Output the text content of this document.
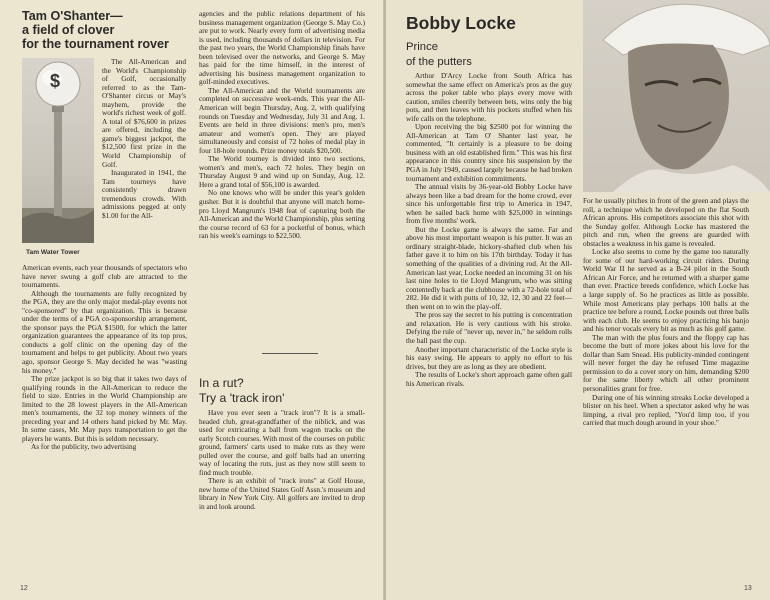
Tam O'Shanter—
a field of clover
for the tournament rover
$
Tam Water Tower

The All-American and the World's Championship of Golf, occasionally referred to as the Tam-O'Shanter circus or May's mayhem, provide the world's richest week of golf. A total of $76,600 in prizes are offered, including the game's biggest jackpot, the $12,500 first prize in the World Championship of Golf.

Inaugurated in 1941, the Tam tourneys have consistently drawn tremendous crowds. With admissions pegged at only $1.00 for the All-

American events, each year thousands of spectators who have never swung a golf club are attracted to the tournaments.

Although the tournaments are fully recognized by the PGA, they are the only major medal-play events not "co-sponsored" by that organization. This is because under the terms of a PGA co-sponsorship arrangement, the sponsor pays the PGA $1500, for which the latter organization guarantees the appearance of its top pros, conducts a golf clinic on the opening day of the tournament and helps to get publicity. About two years ago, sponsor George S. May decided he was "wasting his money."

The prize jackpot is so big that it takes two days of qualifying rounds in the All-American to reduce the field to size. Entries in the World Championship are limited to the 28 lowest players in the All-American men's tournaments, the 32 top money winners of the preceding year and 14 others hand picked by Mr. May. In some cases, Mr. May pays transportation to get the players he wants. But this is seldom necessary.

As for the publicity, two advertising

agencies and the public relations department of his business management organization (George S. May Co.) are put to work. Nearly every form of advertising media is used, including thousands of dollars in television. For the past two years, the World Championship finals have been televised over the networks, and George S. May has paid for the time himself, in the interest of advertising his business management organization to golf-minded executives.

The All-American and the World tournaments are completed on successive week-ends. This year the All-American will begin Thursday, Aug. 2, with qualifying rounds on Tuesday and Wednesday, July 31 and Aug. 1. Events are held in three divisions: men's pro, men's amateur and women's open. They are played simultaneously and consist of 72 holes of medal play in four 18-hole rounds. Prize money totals $20,500.

The World tourney is divided into two sections, women's and men's, each 72 holes. They begin on Thursday August 9 and wind up on Sunday, Aug. 12. Here a grand total of $56,100 is awarded.

No one knows who will be under this year's golden gusher. But it is doubtful that anyone will match home-pro Lloyd Mangrum's 1948 feat of capturing both the All-American and the World Championship, plus setting the course record of 63 for a pocketful of bonus, which ran his week's earnings to $22,500.

In a rut?
Try a 'track iron'

Have you ever seen a "track iron"? It is a small-headed club, great-grandfather of the niblick, and was used for extricating a ball from wagon tracks on the early Scotch courses. With most of the courses on public ground, farmers' carts used to make ruts as they were pulled over the course, and golf balls had an unerring way of locating the ruts, just as they now still seem to find much trouble.

There is an exhibit of "track irons" at Golf House, new home of the United States Golf Assn.'s museum and library in New York City. All golfers are invited to drop in and look around.

12
Bobby Locke
Prince
of the putters

Arthur D'Arcy Locke from South Africa has somewhat the same effect on America's pros as the guy across the poker table who plays every move with caution, smiles cheerily between bets, wins only the big pots, and then leaves with his pockets stuffed when his wife calls on the telephone.

Upon receiving the big $2500 pot for winning the All-American at Tam O' Shanter last year, he commented, "It certainly is a pleasure to be doing business with an old established firm." This was his first appearance in this country since his suspension by the PGA in July 1949, caused largely because he had broken tournament and exhibition commitments.

The annual visits by 36-year-old Bobby Locke have always been like a bad dream for the home crowd, ever since his unforgettable first trip to America in 1947, when he sailed back home with $25,000 in winnings from five months' work.

But the Locke game is always the same. Far and above his most important weapon is his putter. It was an ordinary straight-blade, hickory-shafted club when his father gave it to him on his 17th birthday. Today it has something of the qualities of a divining rod. At the All-American last year, Locke needed an incoming 31 on his last nine holes to tie Lloyd Mangrum, who was sitting contentedly back at the clubhouse with a 72-hole total of 282. He did it with putts of 10, 32, 12, 30 and 22 feet—then went on to win the play-off.

The pros say the secret to his putting is concentration and relaxation. He is very cautious with his stroke. Defying the rule of "never up, never in," he seldom rolls the ball past the cup.

Another important characteristic of the Locke style is his easy swing. He appears to apply no effort to his drives, but they are as long as they are obedient.

The results of Locke's short approach game often gall his American rivals.

For he usually pitches in front of the green and plays the roll, a technique which he developed on the flat South African aprons. His competitors associate this shot with the Sunday golfer. Although Locke has mastered the pitch and run, when the greens are guarded with obstacles a weakness in his game is revealed.

Locke also seems to come by the game too naturally for some of our hard-working circuit riders. During World War II he served as a B-24 pilot in the South African Air Force, and he returned with a sharper game than ever. Practice breeds confidence, which Locke has a large supply of. So he practices as little as possible. While most Americans play perhaps 100 balls at the practice tee before a round, Locke pounds out three balls with each club. He seems to enjoy practicing his banjo and his tenor vocals every bit as much as his golf game.

The man with the plus fours and the floppy cap has become the butt of more jokes about his love for the dollar than Sam Snead. His publicity-minded contingent will never forget the day he refused Time magazine permission to do a cover story on him, demanding $200 for the same liberty which all other prominent personalities grant for free.

During one of his winning streaks Locke developed a blister on his heel. When a spectator asked why he was limping, a rival pro replied, "You'd limp too, if you carried that much dough around in your shoe."

13
